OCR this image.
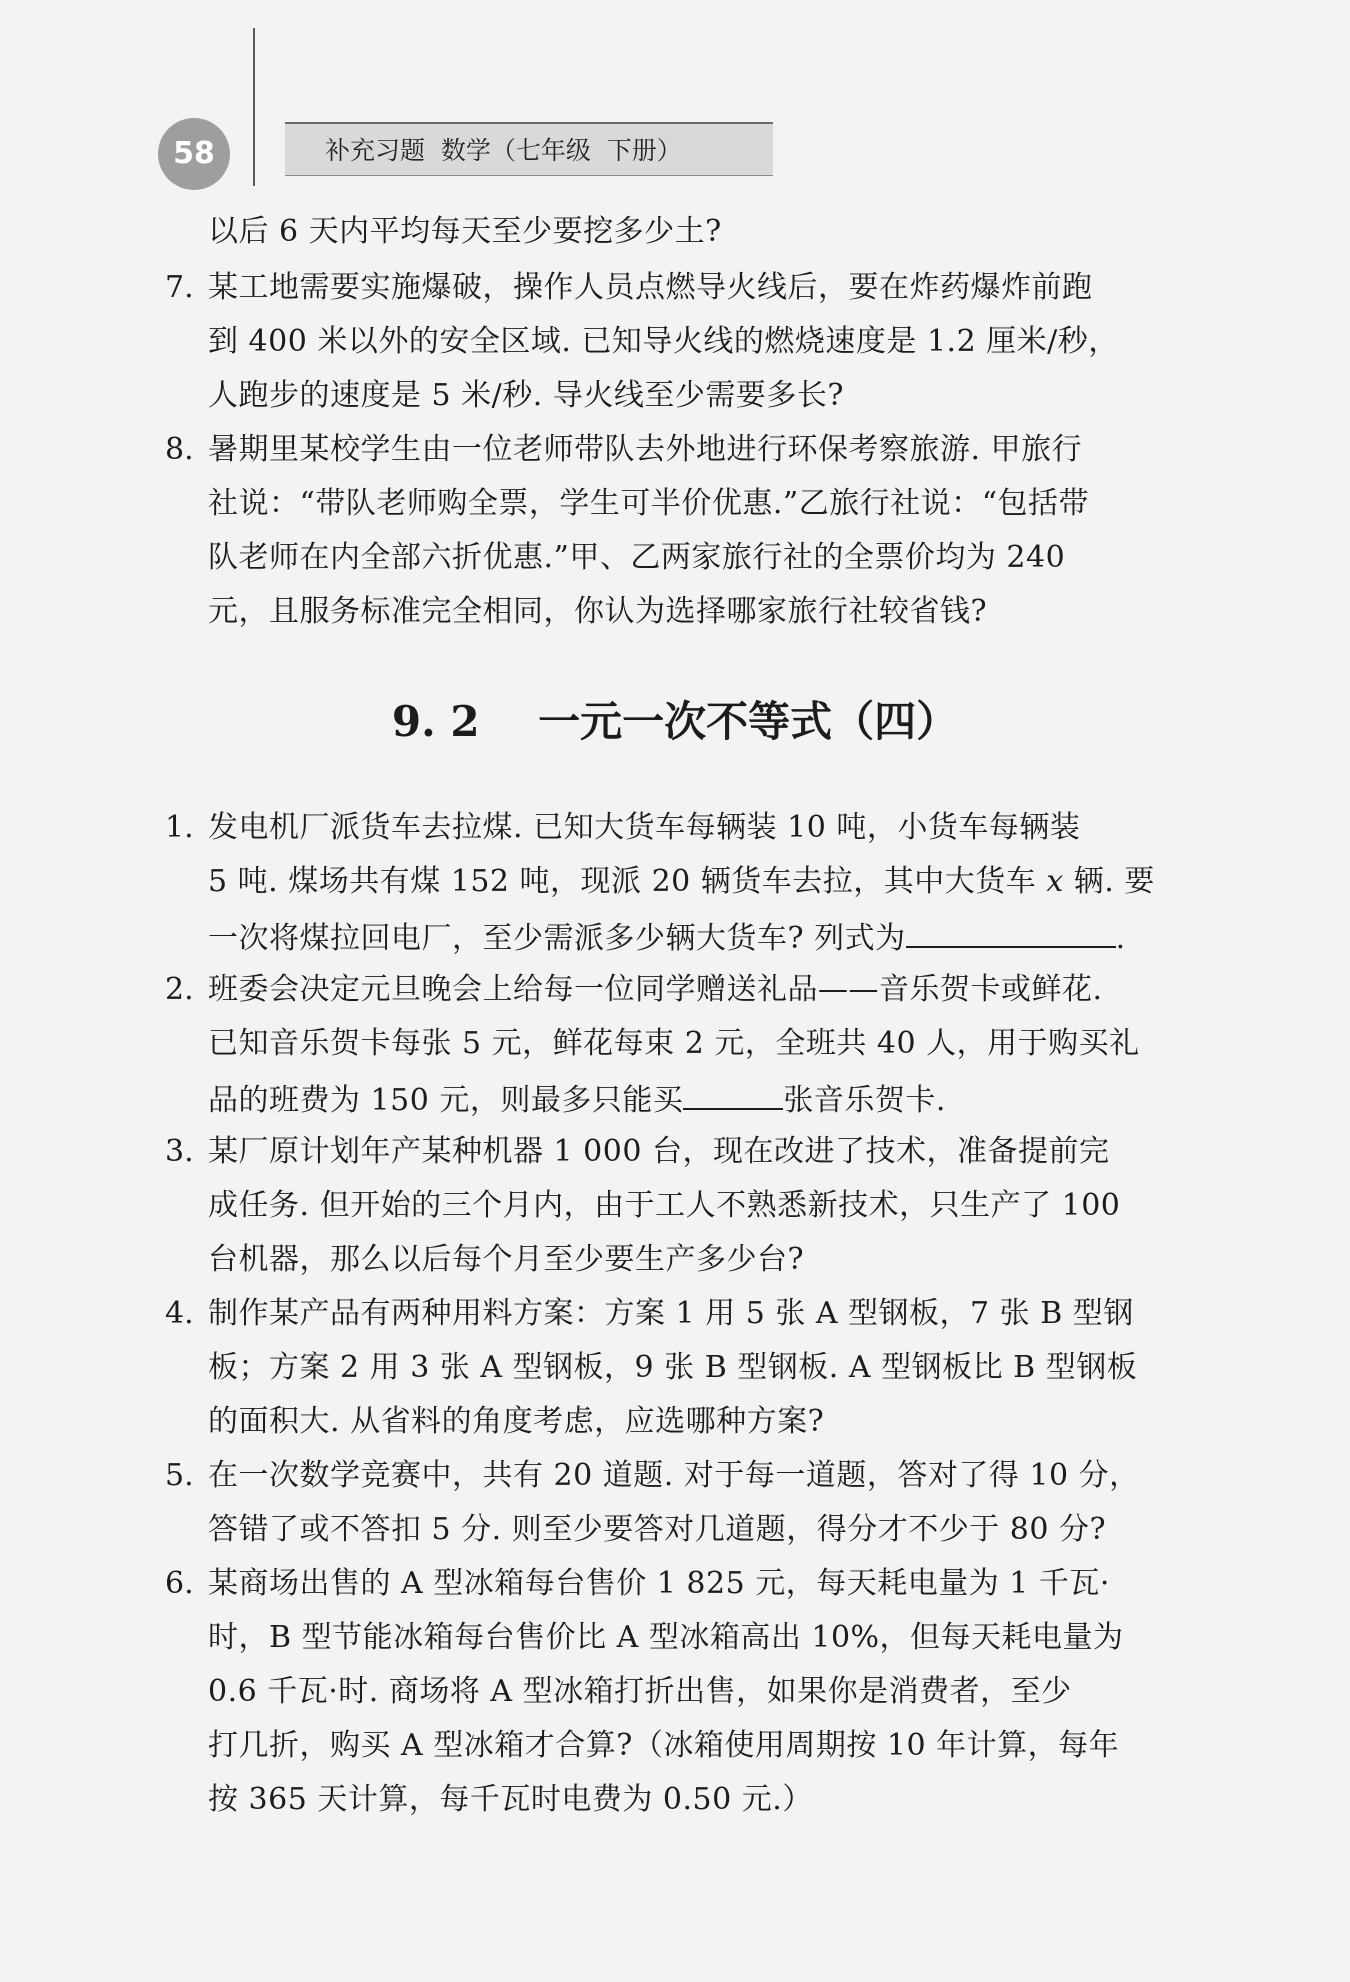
58	补充习题  数学（七年级  下册）
以后 6 天内平均每天至少要挖多少土?
7. 某工地需要实施爆破，操作人员点燃导火线后，要在炸药爆炸前跑
到 400 米以外的安全区域. 已知导火线的燃烧速度是 1.2 厘米/秒，
人跑步的速度是 5 米/秒. 导火线至少需要多长?
8. 暑期里某校学生由一位老师带队去外地进行环保考察旅游. 甲旅行
社说：“带队老师购全票，学生可半价优惠.”乙旅行社说：“包括带
队老师在内全部六折优惠.”甲、乙两家旅行社的全票价均为 240
元，且服务标准完全相同，你认为选择哪家旅行社较省钱?
9. 2    一元一次不等式（四）
1. 发电机厂派货车去拉煤. 已知大货车每辆装 10 吨，小货车每辆装
5 吨. 煤场共有煤 152 吨，现派 20 辆货车去拉，其中大货车 x 辆. 要
一次将煤拉回电厂，至少需派多少辆大货车? 列式为	.
2. 班委会决定元旦晚会上给每一位同学赠送礼品——音乐贺卡或鲜花.
已知音乐贺卡每张 5 元，鲜花每束 2 元，全班共 40 人，用于购买礼
品的班费为 150 元，则最多只能买	张音乐贺卡.
3. 某厂原计划年产某种机器 1 000 台，现在改进了技术，准备提前完
成任务. 但开始的三个月内，由于工人不熟悉新技术，只生产了 100
台机器，那么以后每个月至少要生产多少台?
4. 制作某产品有两种用料方案：方案 1 用 5 张 A 型钢板，7 张 B 型钢
板；方案 2 用 3 张 A 型钢板，9 张 B 型钢板. A 型钢板比 B 型钢板
的面积大. 从省料的角度考虑，应选哪种方案?
5. 在一次数学竞赛中，共有 20 道题. 对于每一道题，答对了得 10 分，
答错了或不答扣 5 分. 则至少要答对几道题，得分才不少于 80 分?
6. 某商场出售的 A 型冰箱每台售价 1 825 元，每天耗电量为 1 千瓦·
时，B 型节能冰箱每台售价比 A 型冰箱高出 10%，但每天耗电量为
0.6 千瓦·时. 商场将 A 型冰箱打折出售，如果你是消费者，至少
打几折，购买 A 型冰箱才合算?（冰箱使用周期按 10 年计算，每年
按 365 天计算，每千瓦时电费为 0.50 元.）
